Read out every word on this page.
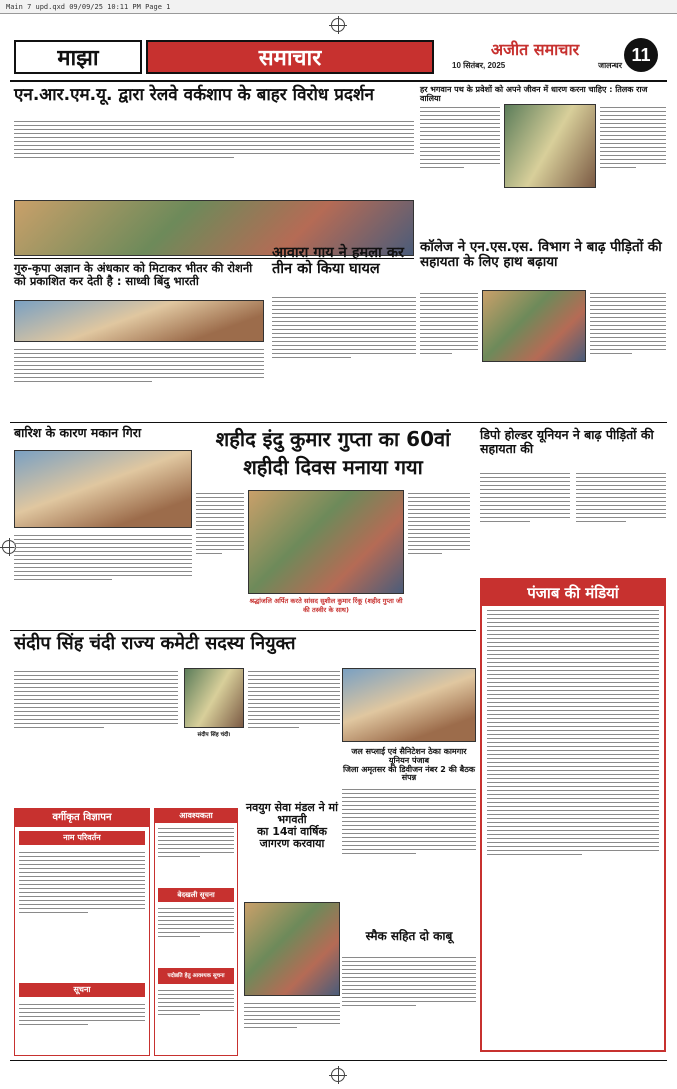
Main 7 upd.qxd 09/09/25 10:11 PM Page 1
माझा	समाचार	अजीत समाचार
10 सितंबर, 2025	जालन्धर
11
एन.आर.एम.यू. द्वारा रेलवे वर्कशाप के बाहर विरोध प्रदर्शन
गुरु-कृपा अज्ञान के अंधकार को मिटाकर भीतर की रोशनी को प्रकाशित कर देती है : साध्वी बिंदु भारती
हर भगवान पथ के प्रवेशों को अपने जीवन में धारण करना चाहिए : तिलक राज वालिया
आवारा गाय ने हमला कर तीन को किया घायल
कॉलेज ने एन.एस.एस. विभाग ने बाढ़ पीड़ितों की सहायता के लिए हाथ बढ़ाया
बारिश के कारण मकान गिरा	शहीद इंदु कुमार गुप्ता का 60वां
शहीदी दिवस मनाया गया
श्रद्धांजलि अर्पित करते सांसद सुशील कुमार रिंकू (शहीद गुप्ता जी की तस्वीर के साथ)
डिपो होल्डर यूनियन ने बाढ़ पीड़ितों की सहायता की
पंजाब की मंडियां
संदीप सिंह चंदी राज्य कमेटी सदस्य नियुक्त
संदीप सिंह चंदी।
जल सप्लाई एवं सैनिटेशन ठेका कामगार यूनियन पंजाब
जिला अमृतसर की डिवीजन नंबर 2 की बैठक संपन्न
वर्गीकृत विज्ञापन
नाम परिवर्तन
सूचना
आवश्यकता
बेदखली सूचना
पदोन्नति हेतु आवश्यक सूचना
नवयुग सेवा मंडल ने मां भगवती
का 14वां वार्षिक जागरण करवाया
स्मैक सहित दो काबू
